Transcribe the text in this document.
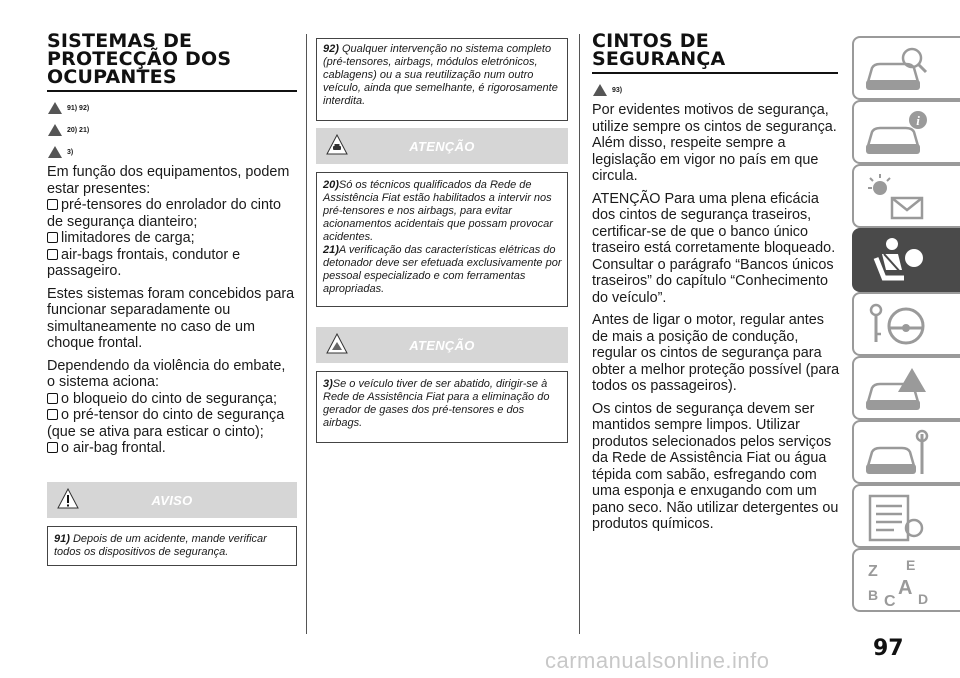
SISTEMAS DE
PROTECÇÃO DOS
OCUPANTES
91) 92)
20) 21)
3)

Em função dos equipamentos, podem estar presentes:

pré-tensores do enrolador do cinto de segurança dianteiro;
limitadores de carga;
air-bags frontais, condutor e passageiro.

Estes sistemas foram concebidos para funcionar separadamente ou simultaneamente no caso de um choque frontal.

Dependendo da violência do embate, o sistema aciona:

o bloqueio do cinto de segurança;
o pré-tensor do cinto de segurança (que se ativa para esticar o cinto);
o air-bag frontal.
AVISO
91) Depois de um acidente, mande verificar todos os dispositivos de segurança.
92) Qualquer intervenção no sistema completo (pré-tensores, airbags, módulos eletrónicos, cablagens) ou a sua reutilização num outro veículo, ainda que semelhante, é rigorosamente interdita.
ATENÇÃO
20)Só os técnicos qualificados da Rede de Assistência Fiat estão habilitados a intervir nos pré-tensores e nos airbags, para evitar acionamentos acidentais que possam provocar acidentes.
21)A verificação das características elétricas do detonador deve ser efetuada exclusivamente por pessoal especializado e com ferramentas apropriadas.
ATENÇÃO
3)Se o veículo tiver de ser abatido, dirigir-se à Rede de Assistência Fiat para a eliminação do gerador de gases dos pré-tensores e dos airbags.
CINTOS DE
SEGURANÇA
93)

Por evidentes motivos de segurança, utilize sempre os cintos de segurança. Além disso, respeite sempre a legislação em vigor no país em que circula.

ATENÇÃO Para uma plena eficácia dos cintos de segurança traseiros, certificar-se de que o banco único traseiro está corretamente bloqueado. Consultar o parágrafo “Bancos únicos traseiros” do capítulo “Conhecimento do veículo”.

Antes de ligar o motor, regular antes de mais a posição de condução, regular os cintos de segurança para obter a melhor proteção possível (para todos os passageiros).

Os cintos de segurança devem ser mantidos sempre limpos. Utilizar produtos selecionados pelos serviços da Rede de Assistência Fiat ou água tépida com sabão, esfregando com uma esponja e enxugando com um pano seco. Não utilizar detergentes ou produtos químicos.

i
Z E
B C
A D
97
carmanualsonline.info
